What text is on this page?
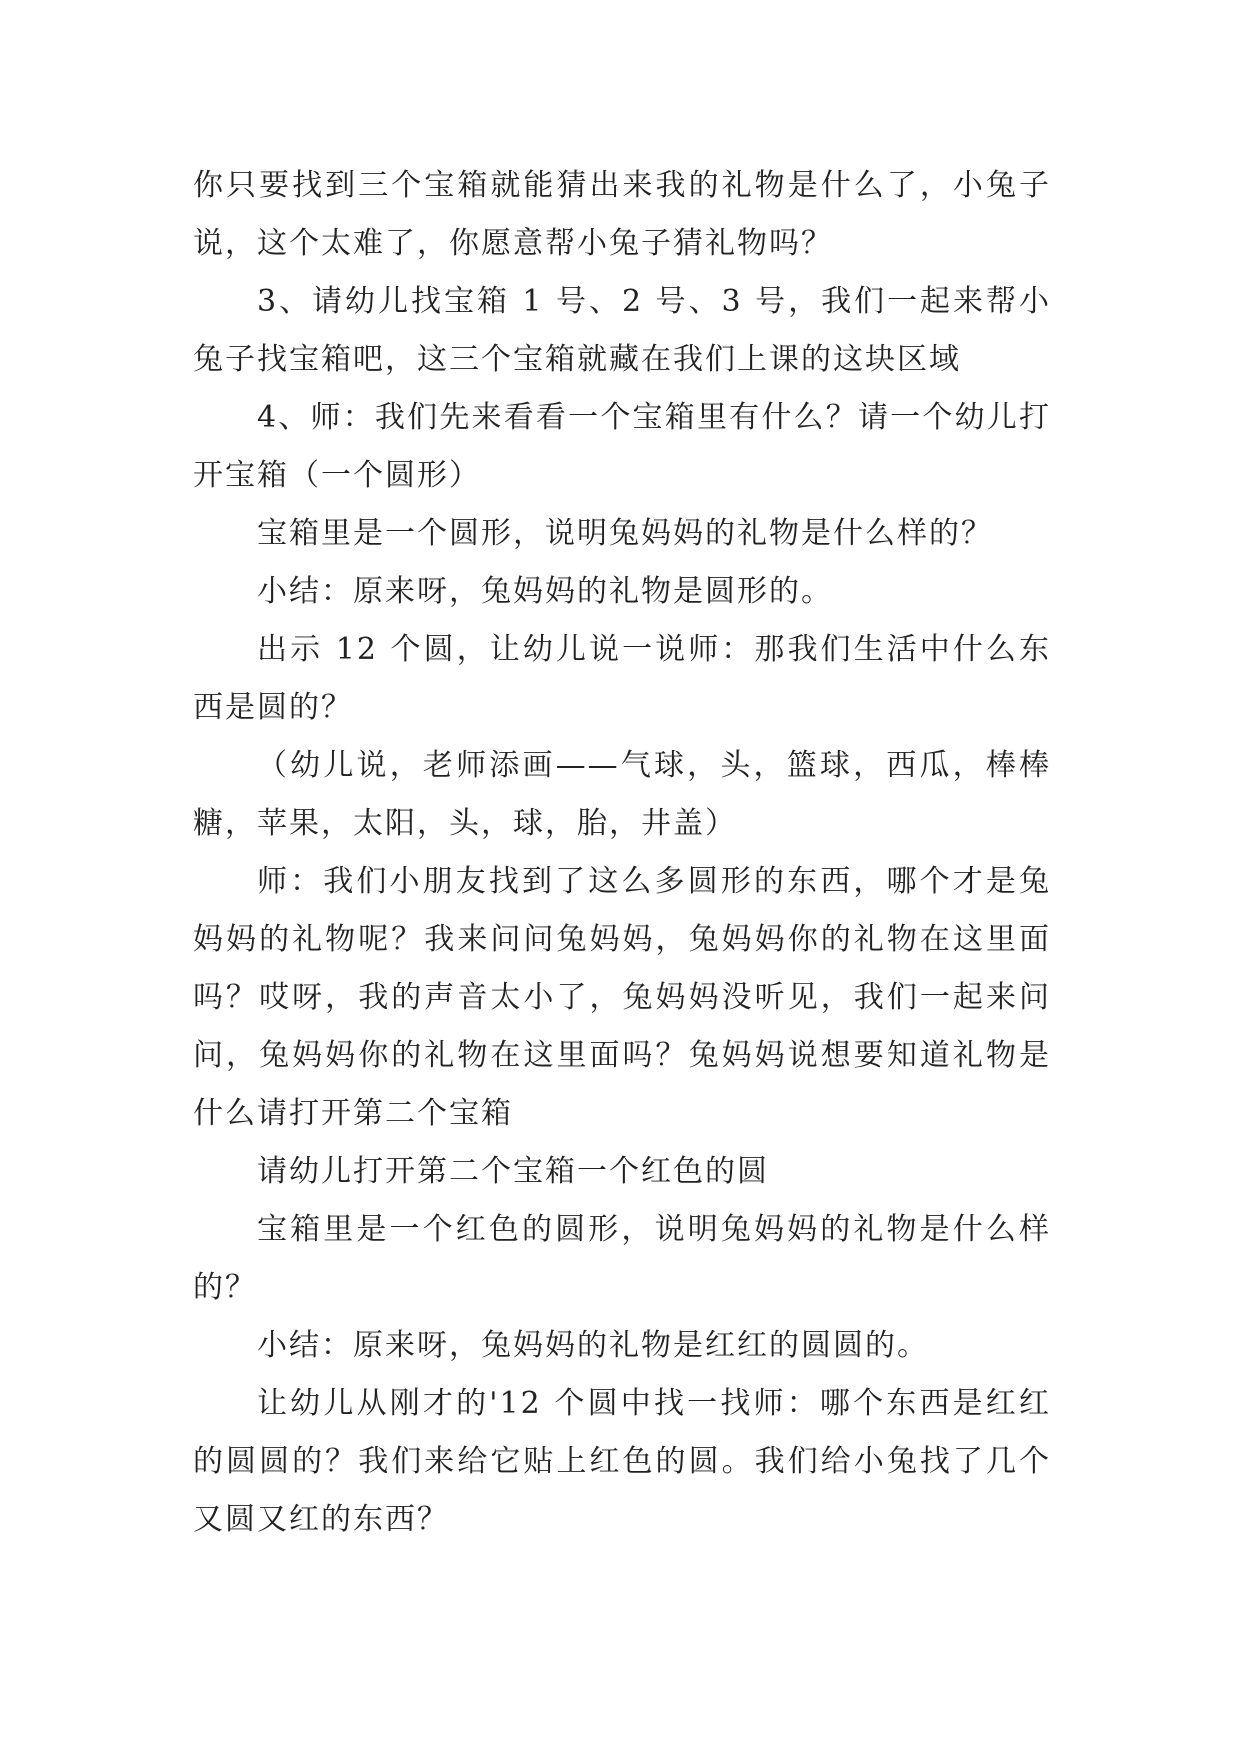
你只要找到三个宝箱就能猜出来我的礼物是什么了，小兔子说，这个太难了，你愿意帮小兔子猜礼物吗？

3、请幼儿找宝箱 1 号、2 号、3 号，我们一起来帮小兔子找宝箱吧，这三个宝箱就藏在我们上课的这块区域

4、师：我们先来看看一个宝箱里有什么？请一个幼儿打开宝箱（一个圆形）

宝箱里是一个圆形，说明兔妈妈的礼物是什么样的？

小结：原来呀，兔妈妈的礼物是圆形的。

出示 12 个圆，让幼儿说一说师：那我们生活中什么东西是圆的？

（幼儿说，老师添画——气球，头，篮球，西瓜，棒棒糖，苹果，太阳，头，球，胎，井盖）

师：我们小朋友找到了这么多圆形的东西，哪个才是兔妈妈的礼物呢？我来问问兔妈妈，兔妈妈你的礼物在这里面吗？哎呀，我的声音太小了，兔妈妈没听见，我们一起来问问，兔妈妈你的礼物在这里面吗？兔妈妈说想要知道礼物是什么请打开第二个宝箱

请幼儿打开第二个宝箱一个红色的圆

宝箱里是一个红色的圆形，说明兔妈妈的礼物是什么样的？

小结：原来呀，兔妈妈的礼物是红红的圆圆的。

让幼儿从刚才的'12 个圆中找一找师：哪个东西是红红的圆圆的？我们来给它贴上红色的圆。我们给小兔找了几个又圆又红的东西？
